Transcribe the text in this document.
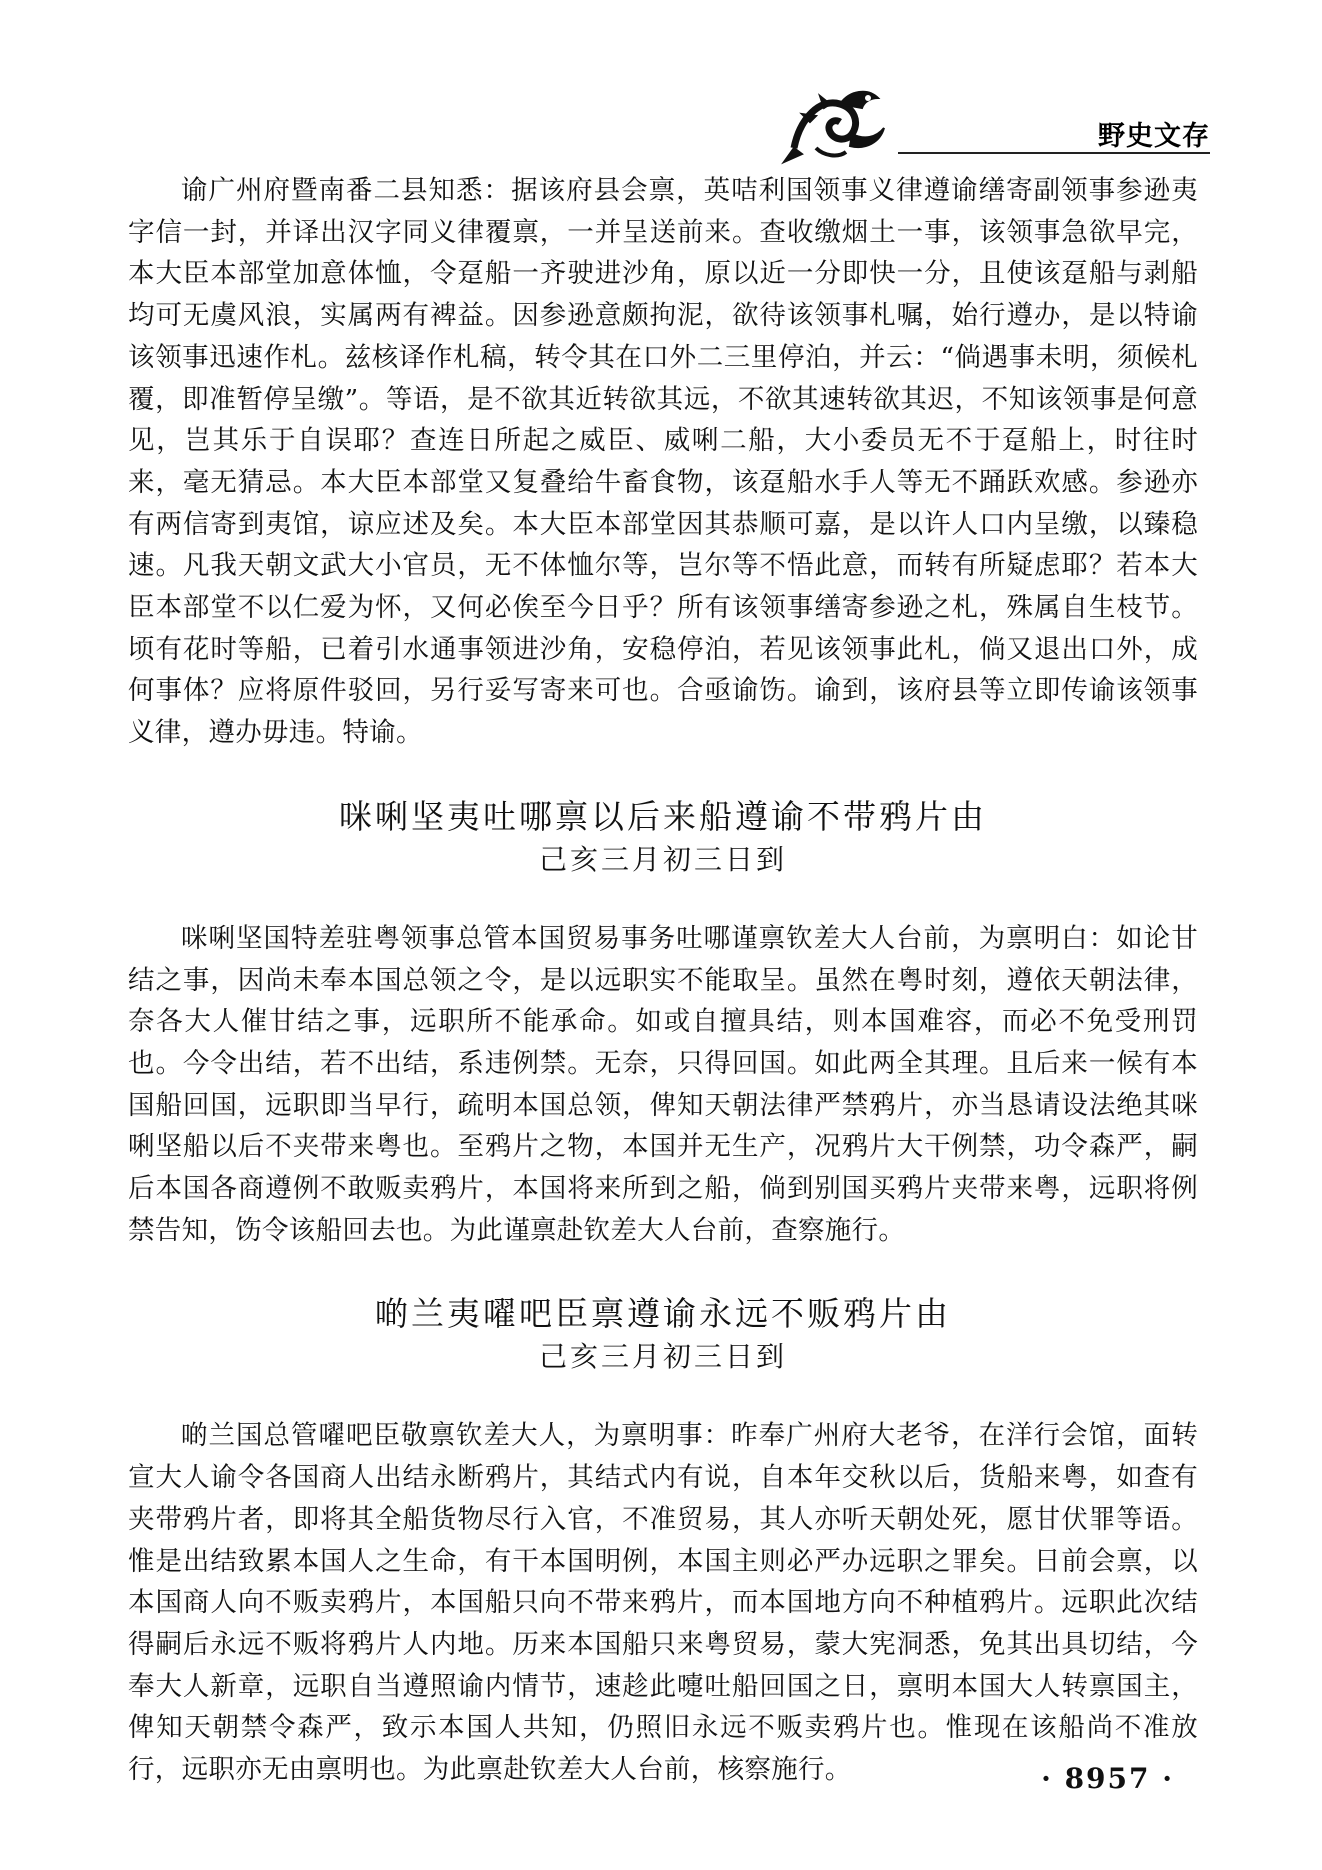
野史文存

谕广州府暨南番二县知悉：据该府县会禀，英咭利国领事义律遵谕缮寄副领事参逊夷字信一封，并译出汉字同义律覆禀，一并呈送前来。查收缴烟土一事，该领事急欲早完，本大臣本部堂加意体恤，令趸船一齐驶进沙角，原以近一分即快一分，且使该趸船与剥船均可无虞风浪，实属两有裨益。因参逊意颇拘泥，欲待该领事札嘱，始行遵办，是以特谕该领事迅速作札。兹核译作札稿，转令其在口外二三里停泊，并云：“倘遇事未明，须候札覆，即准暂停呈缴”。等语，是不欲其近转欲其远，不欲其速转欲其迟，不知该领事是何意见，岂其乐于自误耶？查连日所起之威臣、威唎二船，大小委员无不于趸船上，时往时来，毫无猜忌。本大臣本部堂又复叠给牛畜食物，该趸船水手人等无不踊跃欢感。参逊亦有两信寄到夷馆，谅应述及矣。本大臣本部堂因其恭顺可嘉，是以许人口内呈缴，以臻稳速。凡我天朝文武大小官员，无不体恤尔等，岂尔等不悟此意，而转有所疑虑耶？若本大臣本部堂不以仁爱为怀，又何必俟至今日乎？所有该领事缮寄参逊之札，殊属自生枝节。顷有花时等船，已着引水通事领进沙角，安稳停泊，若见该领事此札，倘又退出口外，成何事体？应将原件驳回，另行妥写寄来可也。合亟谕饬。谕到，该府县等立即传谕该领事义律，遵办毋违。特谕。

咪唎坚夷吐哪禀以后来船遵谕不带鸦片由

己亥三月初三日到

咪唎坚国特差驻粤领事总管本国贸易事务吐哪谨禀钦差大人台前，为禀明白：如论甘结之事，因尚未奉本国总领之令，是以远职实不能取呈。虽然在粤时刻，遵依天朝法律，奈各大人催甘结之事，远职所不能承命。如或自擅具结，则本国难容，而必不免受刑罚也。今令出结，若不出结，系违例禁。无奈，只得回国。如此两全其理。且后来一候有本国船回国，远职即当早行，疏明本国总领，俾知天朝法律严禁鸦片，亦当恳请设法绝其咪唎坚船以后不夹带来粤也。至鸦片之物，本国并无生产，况鸦片大干例禁，功令森严，嗣后本国各商遵例不敢贩卖鸦片，本国将来所到之船，倘到别国买鸦片夹带来粤，远职将例禁告知，饬令该船回去也。为此谨禀赴钦差大人台前，查察施行。

啲兰夷嚁吧臣禀遵谕永远不贩鸦片由

己亥三月初三日到

啲兰国总管嚁吧臣敬禀钦差大人，为禀明事：昨奉广州府大老爷，在洋行会馆，面转宣大人谕令各国商人出结永断鸦片，其结式内有说，自本年交秋以后，货船来粤，如查有夹带鸦片者，即将其全船货物尽行入官，不准贸易，其人亦听天朝处死，愿甘伏罪等语。惟是出结致累本国人之生命，有干本国明例，本国主则必严办远职之罪矣。日前会禀，以本国商人向不贩卖鸦片，本国船只向不带来鸦片，而本国地方向不种植鸦片。远职此次结得嗣后永远不贩将鸦片人内地。历来本国船只来粤贸易，蒙大宪洞悉，免其出具切结，今奉大人新章，远职自当遵照谕内情节，速趁此嚏吐船回国之日，禀明本国大人转禀国主，俾知天朝禁令森严，致示本国人共知，仍照旧永远不贩卖鸦片也。惟现在该船尚不准放行，远职亦无由禀明也。为此禀赴钦差大人台前，核察施行。	· 8957 ·
